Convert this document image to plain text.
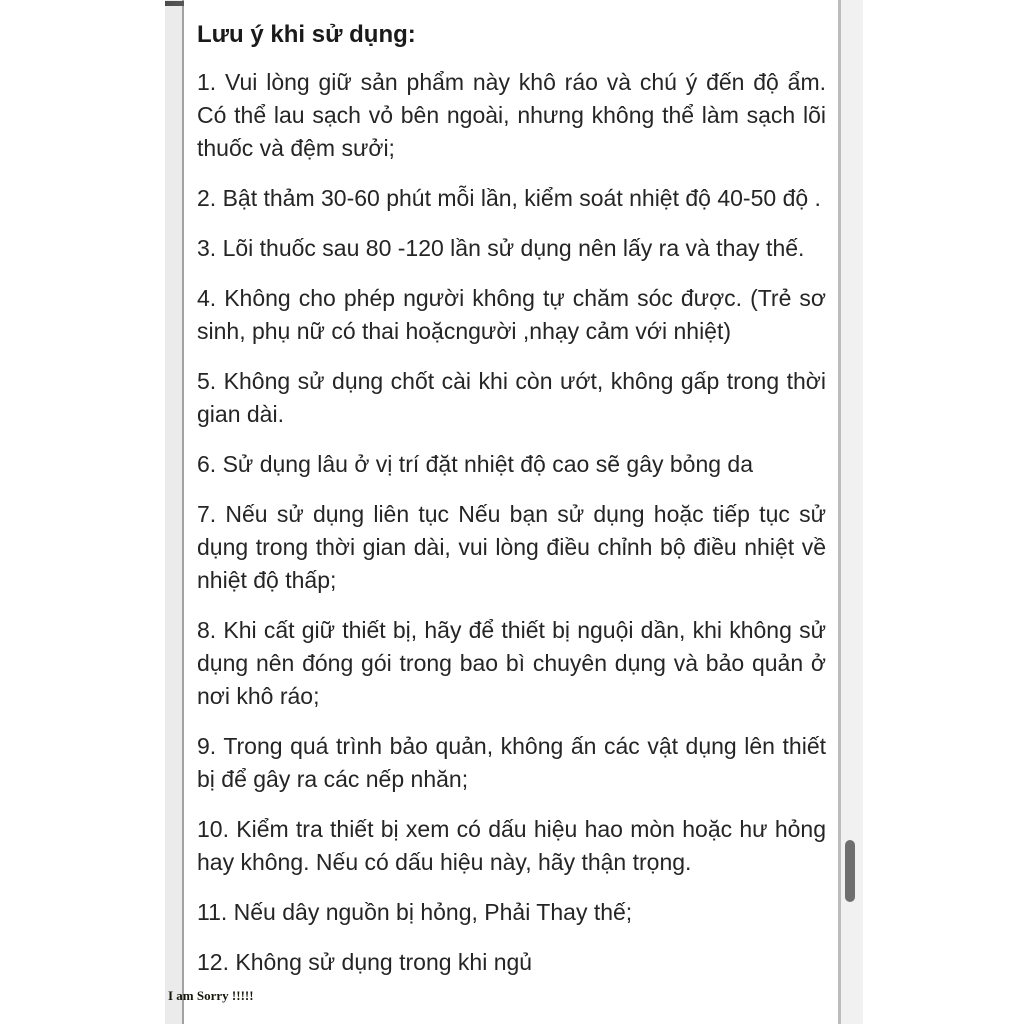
Lưu ý khi sử dụng:

1. Vui lòng giữ sản phẩm này khô ráo và chú ý đến độ ẩm. Có thể lau sạch vỏ bên ngoài, nhưng không thể làm sạch lõi thuốc và đệm sưởi;

2. Bật thảm 30-60 phút mỗi lần, kiểm soát nhiệt độ 40-50 độ .

3. Lõi thuốc sau 80 -120 lần sử dụng nên lấy ra và thay thế.

4. Không cho phép người không tự chăm sóc được. (Trẻ sơ sinh, phụ nữ có thai hoặcngười ,nhạy cảm với nhiệt)

5. Không sử dụng chốt cài khi còn ướt, không gấp trong thời gian dài.

6. Sử dụng lâu ở vị trí đặt nhiệt độ cao sẽ gây bỏng da

7. Nếu sử dụng liên tục Nếu bạn sử dụng hoặc tiếp tục sử dụng trong thời gian dài, vui lòng điều chỉnh bộ điều nhiệt về nhiệt độ thấp;

8. Khi cất giữ thiết bị, hãy để thiết bị nguội dần, khi không sử dụng nên đóng gói trong bao bì chuyên dụng và bảo quản ở nơi khô ráo;

9. Trong quá trình bảo quản, không ấn các vật dụng lên thiết bị để gây ra các nếp nhăn;

10. Kiểm tra thiết bị xem có dấu hiệu hao mòn hoặc hư hỏng hay không. Nếu có dấu hiệu này, hãy thận trọng.

11. Nếu dây nguồn bị hỏng, Phải Thay thế;

12. Không sử dụng trong khi ngủ

I am Sorry !!!!!
